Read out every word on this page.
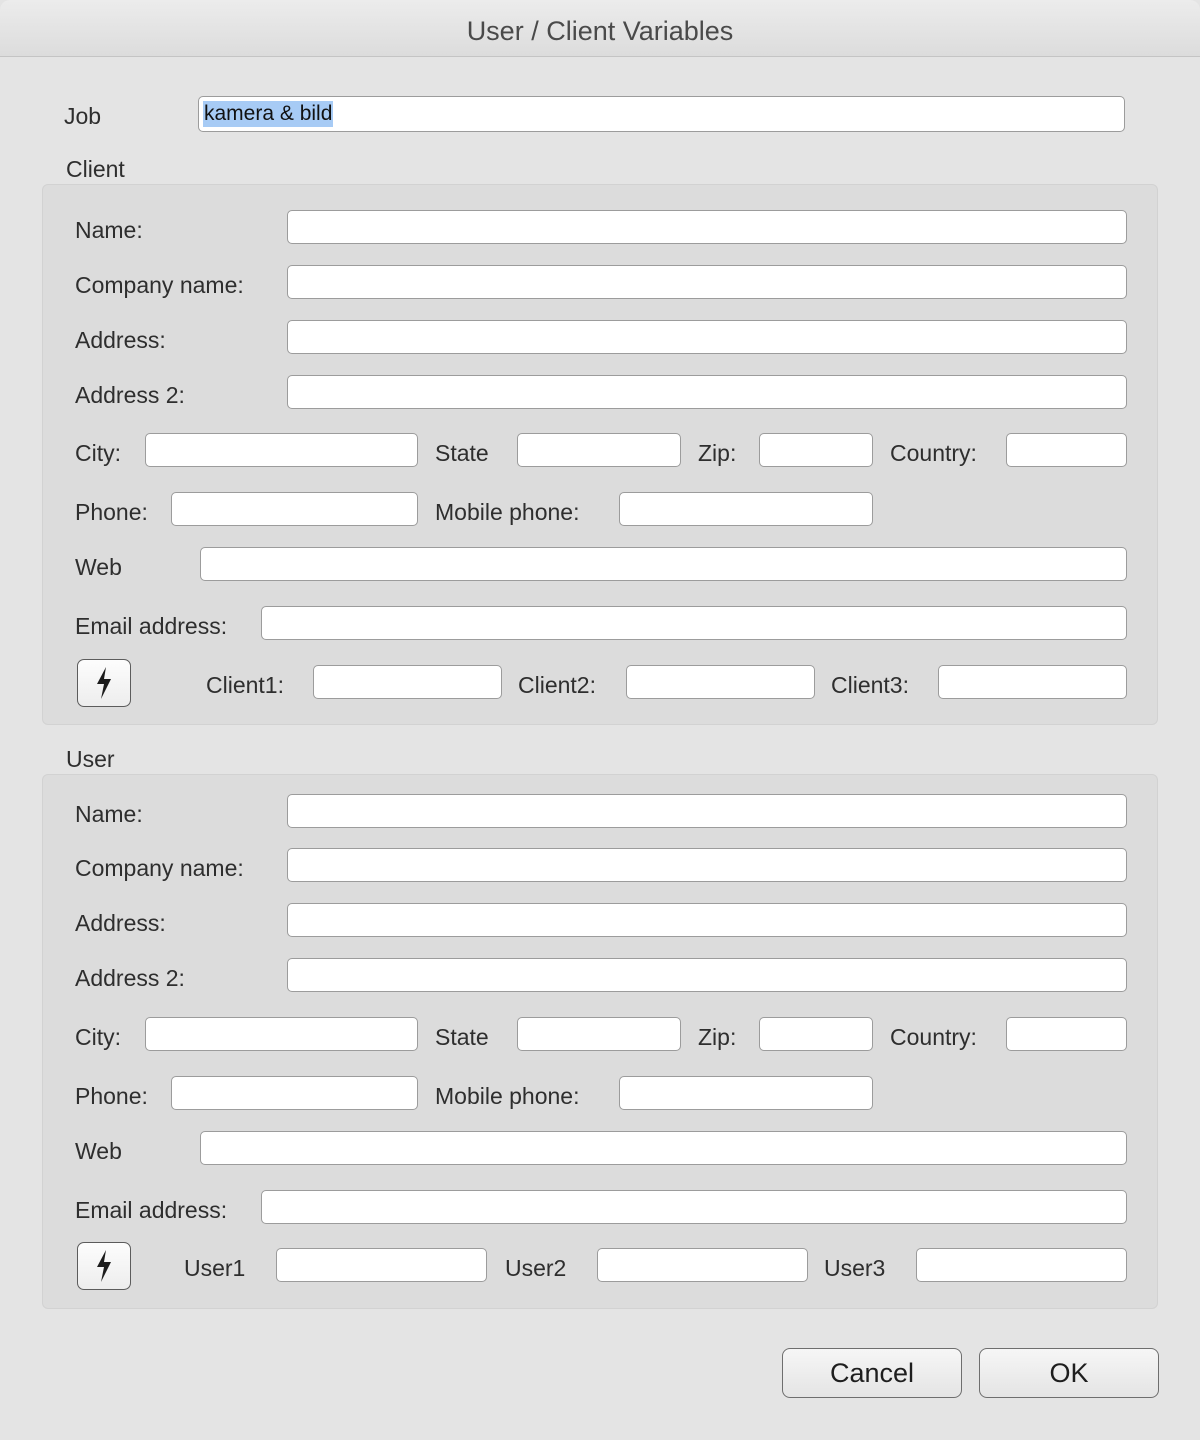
User / Client Variables
Job	kamera & bild
Client
Name:
Company name:
Address:
Address 2:
City:	State	Zip:	Country:
Phone:	Mobile phone:
Web
Email address:
Client1:	Client2:	Client3:
User
Name:
Company name:
Address:
Address 2:
City:	State	Zip:	Country:
Phone:	Mobile phone:
Web
Email address:
User1	User2	User3
Cancel	OK
